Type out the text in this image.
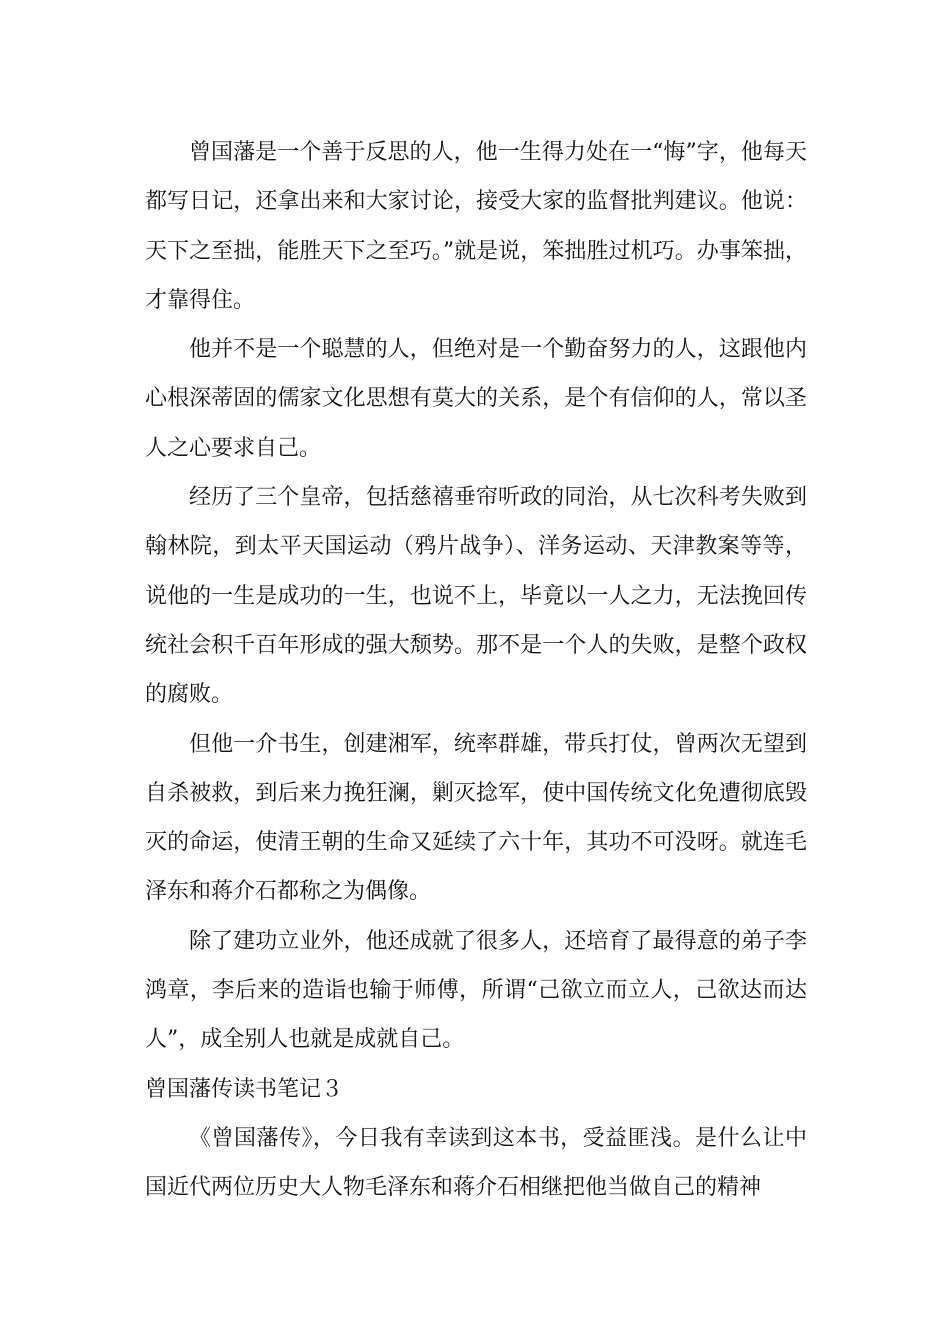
曾国藩是一个善于反思的人，他一生得力处在一“悔”字，他每天都写日记，还拿出来和大家讨论，接受大家的监督批判建议。他说：天下之至拙，能胜天下之至巧。”就是说，笨拙胜过机巧。办事笨拙，才靠得住。

他并不是一个聪慧的人，但绝对是一个勤奋努力的人，这跟他内心根深蒂固的儒家文化思想有莫大的关系，是个有信仰的人，常以圣人之心要求自己。

经历了三个皇帝，包括慈禧垂帘听政的同治，从七次科考失败到翰林院，到太平天国运动（鸦片战争）、洋务运动、天津教案等等，说他的一生是成功的一生，也说不上，毕竟以一人之力，无法挽回传统社会积千百年形成的强大颓势。那不是一个人的失败，是整个政权的腐败。

但他一介书生，创建湘军，统率群雄，带兵打仗，曾两次无望到自杀被救，到后来力挽狂澜，剿灭捻军，使中国传统文化免遭彻底毁灭的命运，使清王朝的生命又延续了六十年，其功不可没呀。就连毛泽东和蒋介石都称之为偶像。

除了建功立业外，他还成就了很多人，还培育了最得意的弟子李鸿章，李后来的造诣也输于师傅，所谓“己欲立而立人，己欲达而达人”，成全别人也就是成就自己。

曾国藩传读书笔记３

《曾国藩传》，今日我有幸读到这本书，受益匪浅。是什么让中国近代两位历史大人物毛泽东和蒋介石相继把他当做自己的精神
